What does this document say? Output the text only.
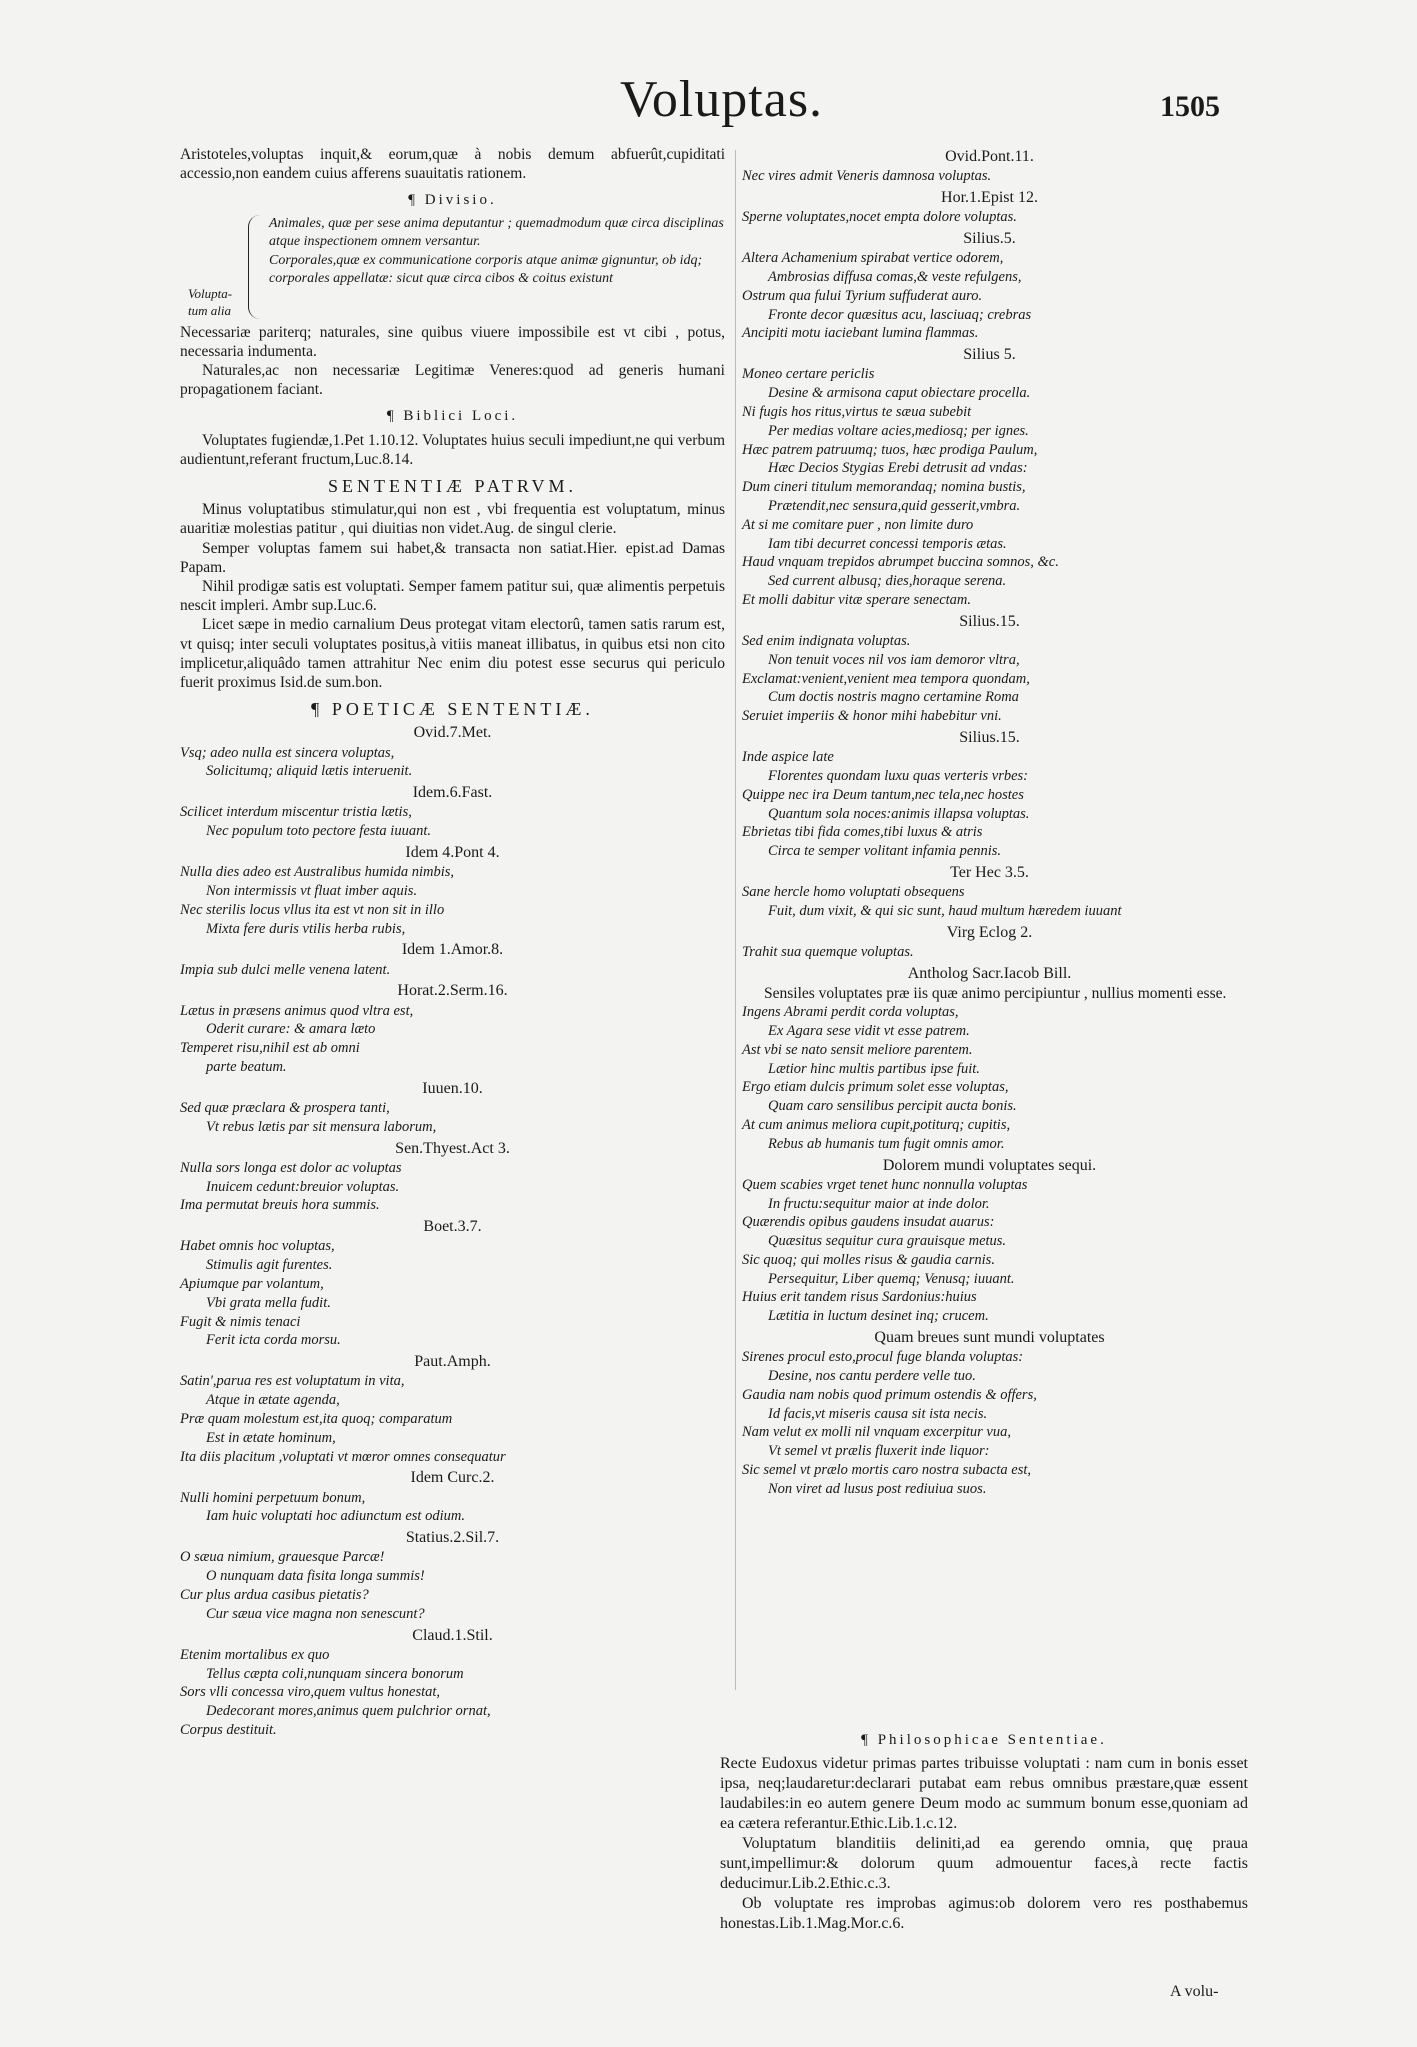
Voluptas.	1505

Aristoteles,voluptas inquit,& eorum,quæ à nobis demum abfuerût,cupiditati accessio,non eandem cuius afferens suauitatis rationem.

¶ Divisio.
Volupta-tum alia
Animales, quæ per sese anima deputantur ; quemadmodum quæ circa disciplinas atque inspectionem omnem versantur.
Corporales,quæ ex communicatione corporis atque animæ gignuntur, ob idq; corporales appellatæ: sicut quæ circa cibos & coitus existunt

Necessariæ pariterq; naturales, sine quibus viuere impossibile est vt cibi , potus, necessaria indumenta.

Naturales,ac non necessariæ Legitimæ Veneres:quod ad generis humani propagationem faciant.

¶ Biblici Loci.

Voluptates fugiendæ,1.Pet 1.10.12. Voluptates huius seculi impediunt,ne qui verbum audientunt,referant fructum,Luc.8.14.

SENTENTIÆ PATRVM.

Minus voluptatibus stimulatur,qui non est , vbi frequentia est voluptatum, minus auaritiæ molestias patitur , qui diuitias non videt.Aug. de singul clerie.

Semper voluptas famem sui habet,& transacta non satiat.Hier. epist.ad Damas Papam.

Nihil prodigæ satis est voluptati. Semper famem patitur sui, quæ alimentis perpetuis nescit impleri. Ambr sup.Luc.6.

Licet sæpe in medio carnalium Deus protegat vitam electorû, tamen satis rarum est, vt quisq; inter seculi voluptates positus,à vitiis maneat illibatus, in quibus etsi non cito implicetur,aliquâdo tamen attrahitur Nec enim diu potest esse securus qui periculo fuerit proximus Isid.de sum.bon.

¶ POETICÆ SENTENTIÆ.
Ovid.7.Met.

Vsq; adeo nulla est sincera voluptas,

Solicitumq; aliquid lætis interuenit.

Idem.6.Fast.

Scilicet interdum miscentur tristia lætis,

Nec populum toto pectore festa iuuant.

Idem 4.Pont 4.

Nulla dies adeo est Australibus humida nimbis,

Non intermissis vt fluat imber aquis.

Nec sterilis locus vllus ita est vt non sit in illo

Mixta fere duris vtilis herba rubis,

Idem 1.Amor.8.

Impia sub dulci melle venena latent.

Horat.2.Serm.16.

Lætus in præsens animus quod vltra est,

Oderit curare: & amara læto

Temperet risu,nihil est ab omni

parte beatum.

Iuuen.10.

Sed quæ præclara & prospera tanti,

Vt rebus lætis par sit mensura laborum,

Sen.Thyest.Act 3.

Nulla sors longa est dolor ac voluptas

Inuicem cedunt:breuior voluptas.

Ima permutat breuis hora summis.

Boet.3.7.

Habet omnis hoc voluptas,

Stimulis agit furentes.

Apiumque par volantum,

Vbi grata mella fudit.

Fugit & nimis tenaci

Ferit icta corda morsu.

Paut.Amph.

Satin',parua res est voluptatum in vita,

Atque in ætate agenda,

Præ quam molestum est,ita quoq; comparatum

Est in ætate hominum,

Ita diis placitum ,voluptati vt mœror omnes consequatur

Idem Curc.2.

Nulli homini perpetuum bonum,

Iam huic voluptati hoc adiunctum est odium.

Statius.2.Sil.7.

O sæua nimium, grauesque Parcæ!

O nunquam data fisita longa summis!

Cur plus ardua casibus pietatis?

Cur sæua vice magna non senescunt?

Claud.1.Stil.

Etenim mortalibus ex quo

Tellus cæpta coli,nunquam sincera bonorum

Sors vlli concessa viro,quem vultus honestat,

Dedecorant mores,animus quem pulchrior ornat,

Corpus destituit.

Ovid.Pont.11.

Nec vires admit Veneris damnosa voluptas.

Hor.1.Epist 12.

Sperne voluptates,nocet empta dolore voluptas.

Silius.5.

Altera Achamenium spirabat vertice odorem,

Ambrosias diffusa comas,& veste refulgens,

Ostrum qua fului Tyrium suffuderat auro.

Fronte decor quæsitus acu, lasciuaq; crebras

Ancipiti motu iaciebant lumina flammas.

Silius 5.

Moneo certare periclis

Desine & armisona caput obiectare procella.

Ni fugis hos ritus,virtus te sæua subebit

Per medias voltare acies,mediosq; per ignes.

Hæc patrem patruumq; tuos, hæc prodiga Paulum,

Hæc Decios Stygias Erebi detrusit ad vndas:

Dum cineri titulum memorandaq; nomina bustis,

Prætendit,nec sensura,quid gesserit,vmbra.

At si me comitare puer , non limite duro

Iam tibi decurret concessi temporis ætas.

Haud vnquam trepidos abrumpet buccina somnos, &c.

Sed current albusq; dies,horaque serena.

Et molli dabitur vitæ sperare senectam.

Silius.15.

Sed enim indignata voluptas.

Non tenuit voces nil vos iam demoror vltra,

Exclamat:venient,venient mea tempora quondam,

Cum doctis nostris magno certamine Roma

Seruiet imperiis & honor mihi habebitur vni.

Silius.15.

Inde aspice late

Florentes quondam luxu quas verteris vrbes:

Quippe nec ira Deum tantum,nec tela,nec hostes

Quantum sola noces:animis illapsa voluptas.

Ebrietas tibi fida comes,tibi luxus & atris

Circa te semper volitant infamia pennis.

Ter Hec 3.5.

Sane hercle homo voluptati obsequens

Fuit, dum vixit, & qui sic sunt, haud multum hæredem iuuant

Virg Eclog 2.

Trahit sua quemque voluptas.

Antholog Sacr.Iacob Bill.

Sensiles voluptates præ iis quæ animo percipiuntur , nullius momenti esse.

Ingens Abrami perdit corda voluptas,

Ex Agara sese vidit vt esse patrem.

Ast vbi se nato sensit meliore parentem.

Lætior hinc multis partibus ipse fuit.

Ergo etiam dulcis primum solet esse voluptas,

Quam caro sensilibus percipit aucta bonis.

At cum animus meliora cupit,potiturq; cupitis,

Rebus ab humanis tum fugit omnis amor.

Dolorem mundi voluptates sequi.

Quem scabies vrget tenet hunc nonnulla voluptas

In fructu:sequitur maior at inde dolor.

Quærendis opibus gaudens insudat auarus:

Quæsitus sequitur cura grauisque metus.

Sic quoq; qui molles risus & gaudia carnis.

Persequitur, Liber quemq; Venusq; iuuant.

Huius erit tandem risus Sardonius:huius

Lætitia in luctum desinet inq; crucem.

Quam breues sunt mundi voluptates

Sirenes procul esto,procul fuge blanda voluptas:

Desine, nos cantu perdere velle tuo.

Gaudia nam nobis quod primum ostendis & offers,

Id facis,vt miseris causa sit ista necis.

Nam velut ex molli nil vnquam excerpitur vua,

Vt semel vt prælis fluxerit inde liquor:

Sic semel vt prælo mortis caro nostra subacta est,

Non viret ad lusus post rediuiua suos.

¶ Philosophicae Sententiae.

Recte Eudoxus videtur primas partes tribuisse voluptati : nam cum in bonis esset ipsa, neq;laudaretur:declarari putabat eam rebus omnibus præstare,quæ essent laudabiles:in eo autem genere Deum modo ac summum bonum esse,quoniam ad ea cætera referantur.Ethic.Lib.1.c.12.

Voluptatum blanditiis deliniti,ad ea gerendo omnia, quę praua sunt,impellimur:& dolorum quum admouentur faces,à recte factis deducimur.Lib.2.Ethic.c.3.

Ob voluptate res improbas agimus:ob dolorem vero res posthabemus honestas.Lib.1.Mag.Mor.c.6.

A volu-
